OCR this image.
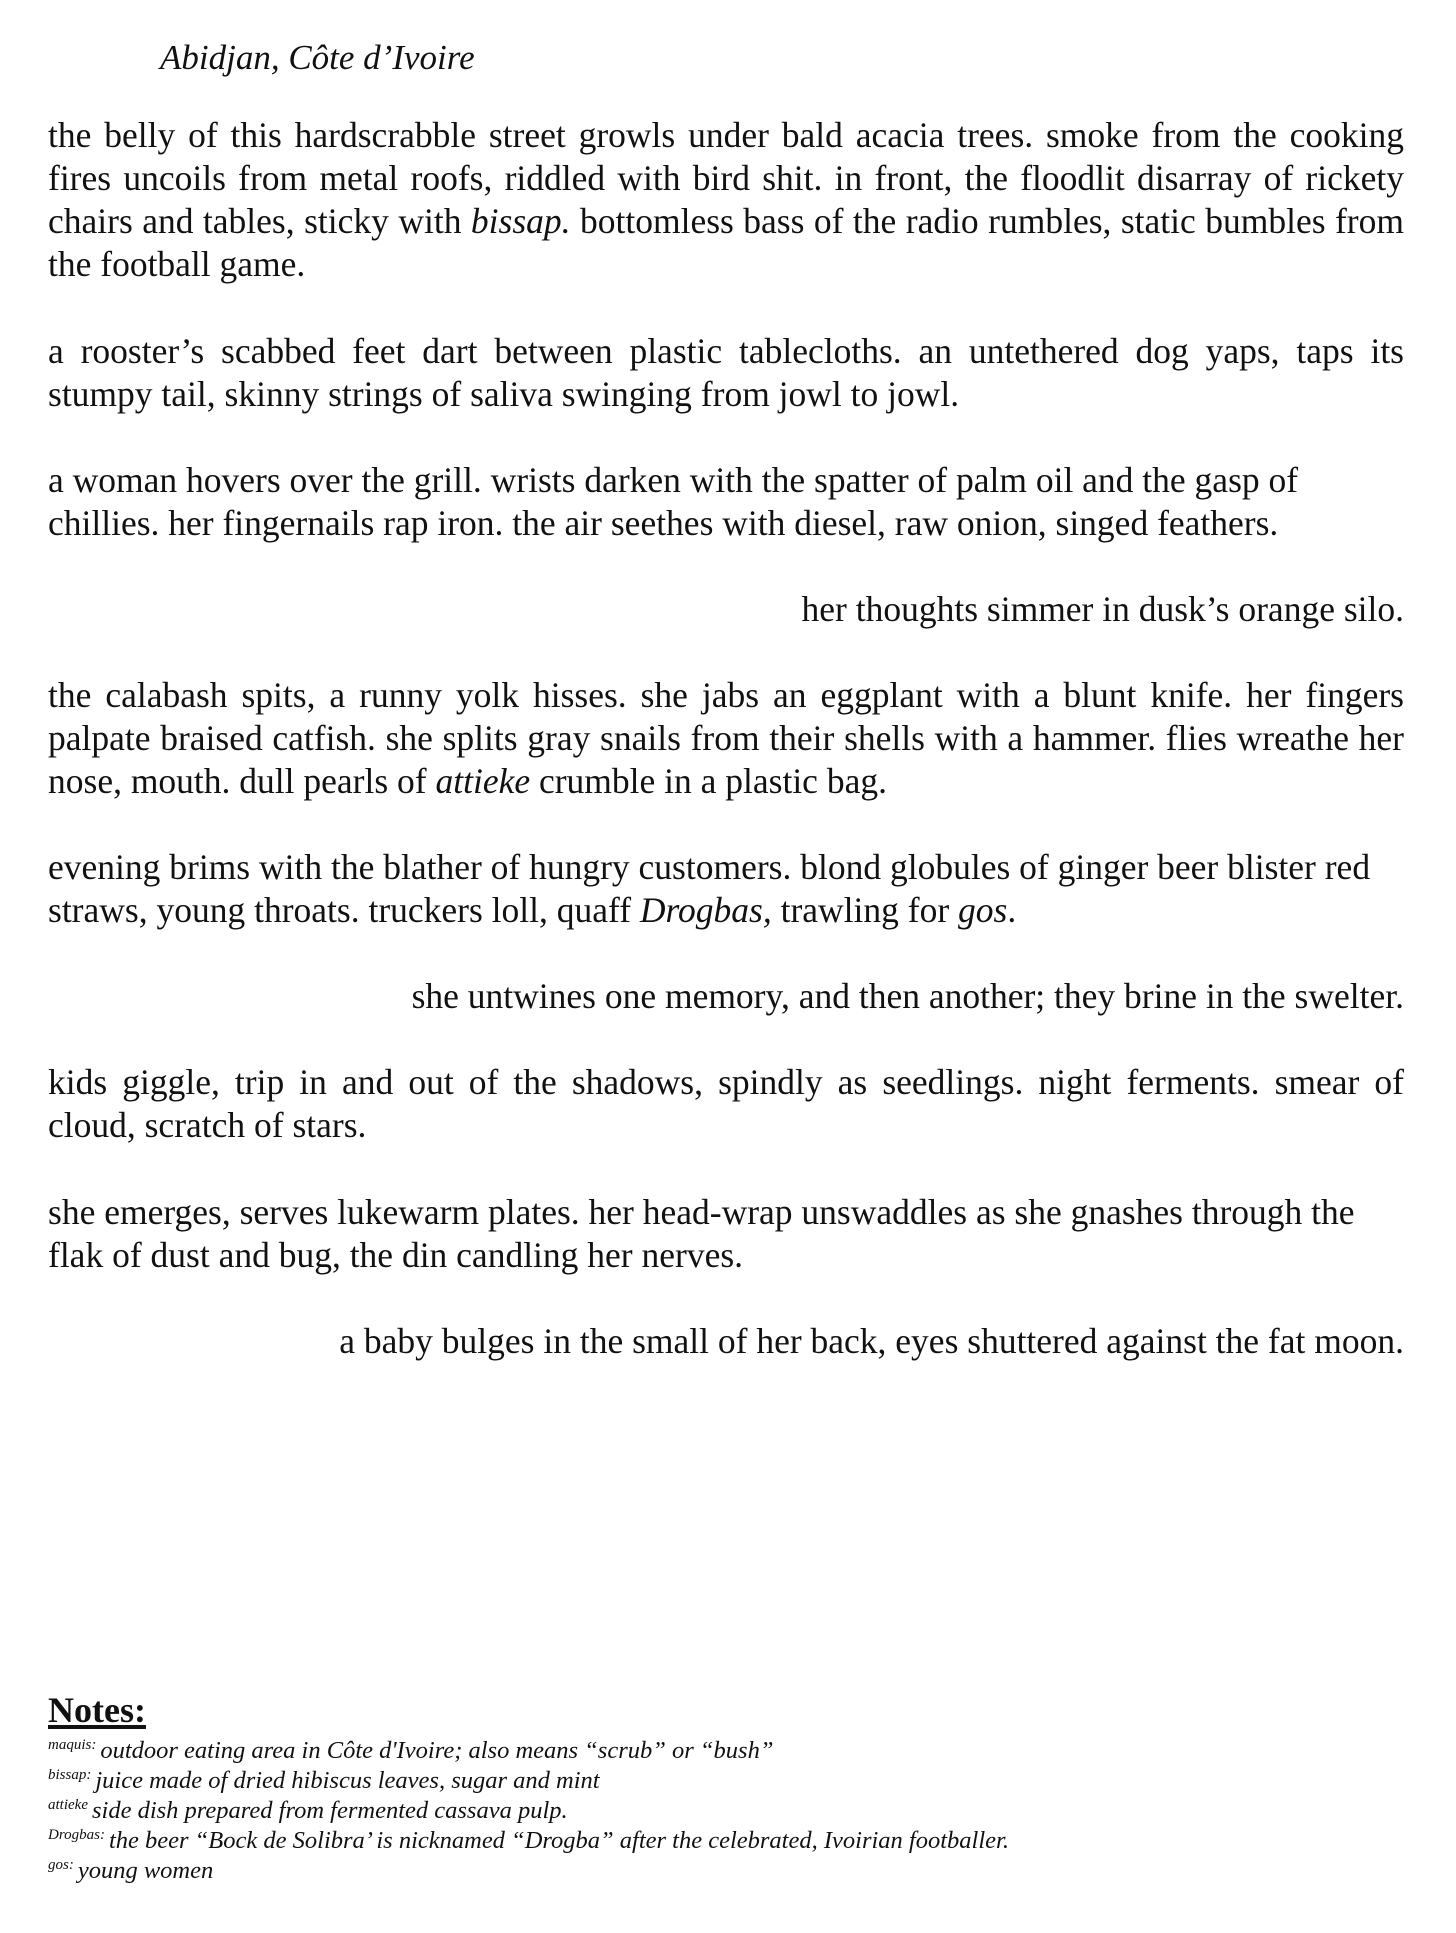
Abidjan, Côte d’Ivoire

the belly of this hardscrabble street growls under bald acacia trees. smoke from the cooking fires uncoils from metal roofs, riddled with bird shit. in front, the floodlit disarray of rickety chairs and tables, sticky with bissap. bottomless bass of the radio rumbles, static bumbles from the football game.

a rooster’s scabbed feet dart between plastic tablecloths. an untethered dog yaps, taps its stumpy tail, skinny strings of saliva swinging from jowl to jowl.

a woman hovers over the grill. wrists darken with the spatter of palm oil and the gasp of chillies. her fingernails rap iron. the air seethes with diesel, raw onion, singed feathers.

her thoughts simmer in dusk’s orange silo.

the calabash spits, a runny yolk hisses. she jabs an eggplant with a blunt knife. her fingers palpate braised catfish. she splits gray snails from their shells with a hammer. flies wreathe her nose, mouth. dull pearls of attieke crumble in a plastic bag.

evening brims with the blather of hungry customers. blond globules of ginger beer blister red straws, young throats. truckers loll, quaff Drogbas, trawling for gos.

she untwines one memory, and then another; they brine in the swelter.

kids giggle, trip in and out of the shadows, spindly as seedlings. night ferments. smear of cloud, scratch of stars.

she emerges, serves lukewarm plates. her head-wrap unswaddles as she gnashes through the flak of dust and bug, the din candling her nerves.

a baby bulges in the small of her back, eyes shuttered against the fat moon.

Notes:
maquis: outdoor eating area in Côte d'Ivoire; also means “scrub” or “bush”
bissap: juice made of dried hibiscus leaves, sugar and mint
attieke side dish prepared from fermented cassava pulp.
Drogbas: the beer “Bock de Solibra’ is nicknamed “Drogba” after the celebrated, Ivoirian footballer.
gos: young women
